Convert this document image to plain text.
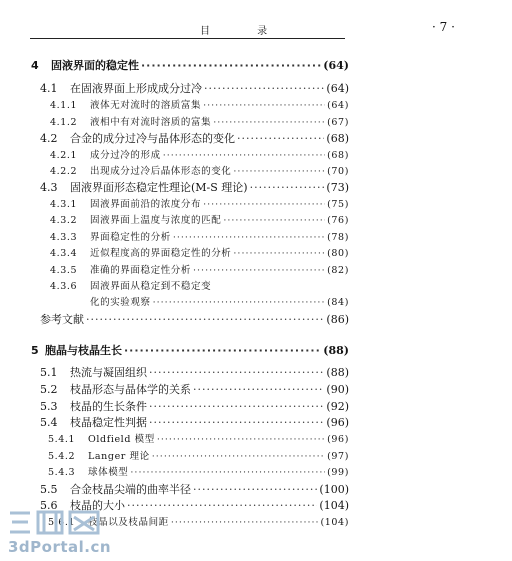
目 录	· 7 ·
4	固液界面的稳定性 ·····	(64)
4.1	在固液界面上形成成分过冷 ·····	(64)
4.1.1	液体无对流时的溶质富集 ·····	(64)
4.1.2	液相中有对流时溶质的富集 ·····	(67)
4.2	合金的成分过冷与晶体形态的变化 ·····	(68)
4.2.1	成分过冷的形成 ·····	(68)
4.2.2	出现成分过冷后晶体形态的变化 ·····	(70)
4.3	固液界面形态稳定性理论(M-S 理论) ·····	(73)
4.3.1	固液界面前沿的浓度分布 ·····	(75)
4.3.2	固液界面上温度与浓度的匹配 ·····	(76)
4.3.3	界面稳定性的分析 ·····	(78)
4.3.4	近似程度高的界面稳定性的分析 ·····	(80)
4.3.5	准确的界面稳定性分析 ·····	(82)
4.3.6	固液界面从稳定到不稳定变
化的实验观察 ·····	(84)
参考文献 ·····	(86)
5 胞晶与枝晶生长 ·····	(88)
5.1	热流与凝固组织 ·····	(88)
5.2	枝晶形态与晶体学的关系 ·····	(90)
5.3	枝晶的生长条件 ·····	(92)
5.4	枝晶稳定性判据 ·····	(96)
5.4.1	Oldfield 模型 ·····	(96)
5.4.2	Langer 理论 ·····	(97)
5.4.3	球体模型 ·····	(99)
5.5	合金枝晶尖端的曲率半径 ·····	(100)
5.6	枝晶的大小 ·····	(104)
5.6.1	枝晶以及枝晶间距 ·····	(104)
3dPortal.cn
